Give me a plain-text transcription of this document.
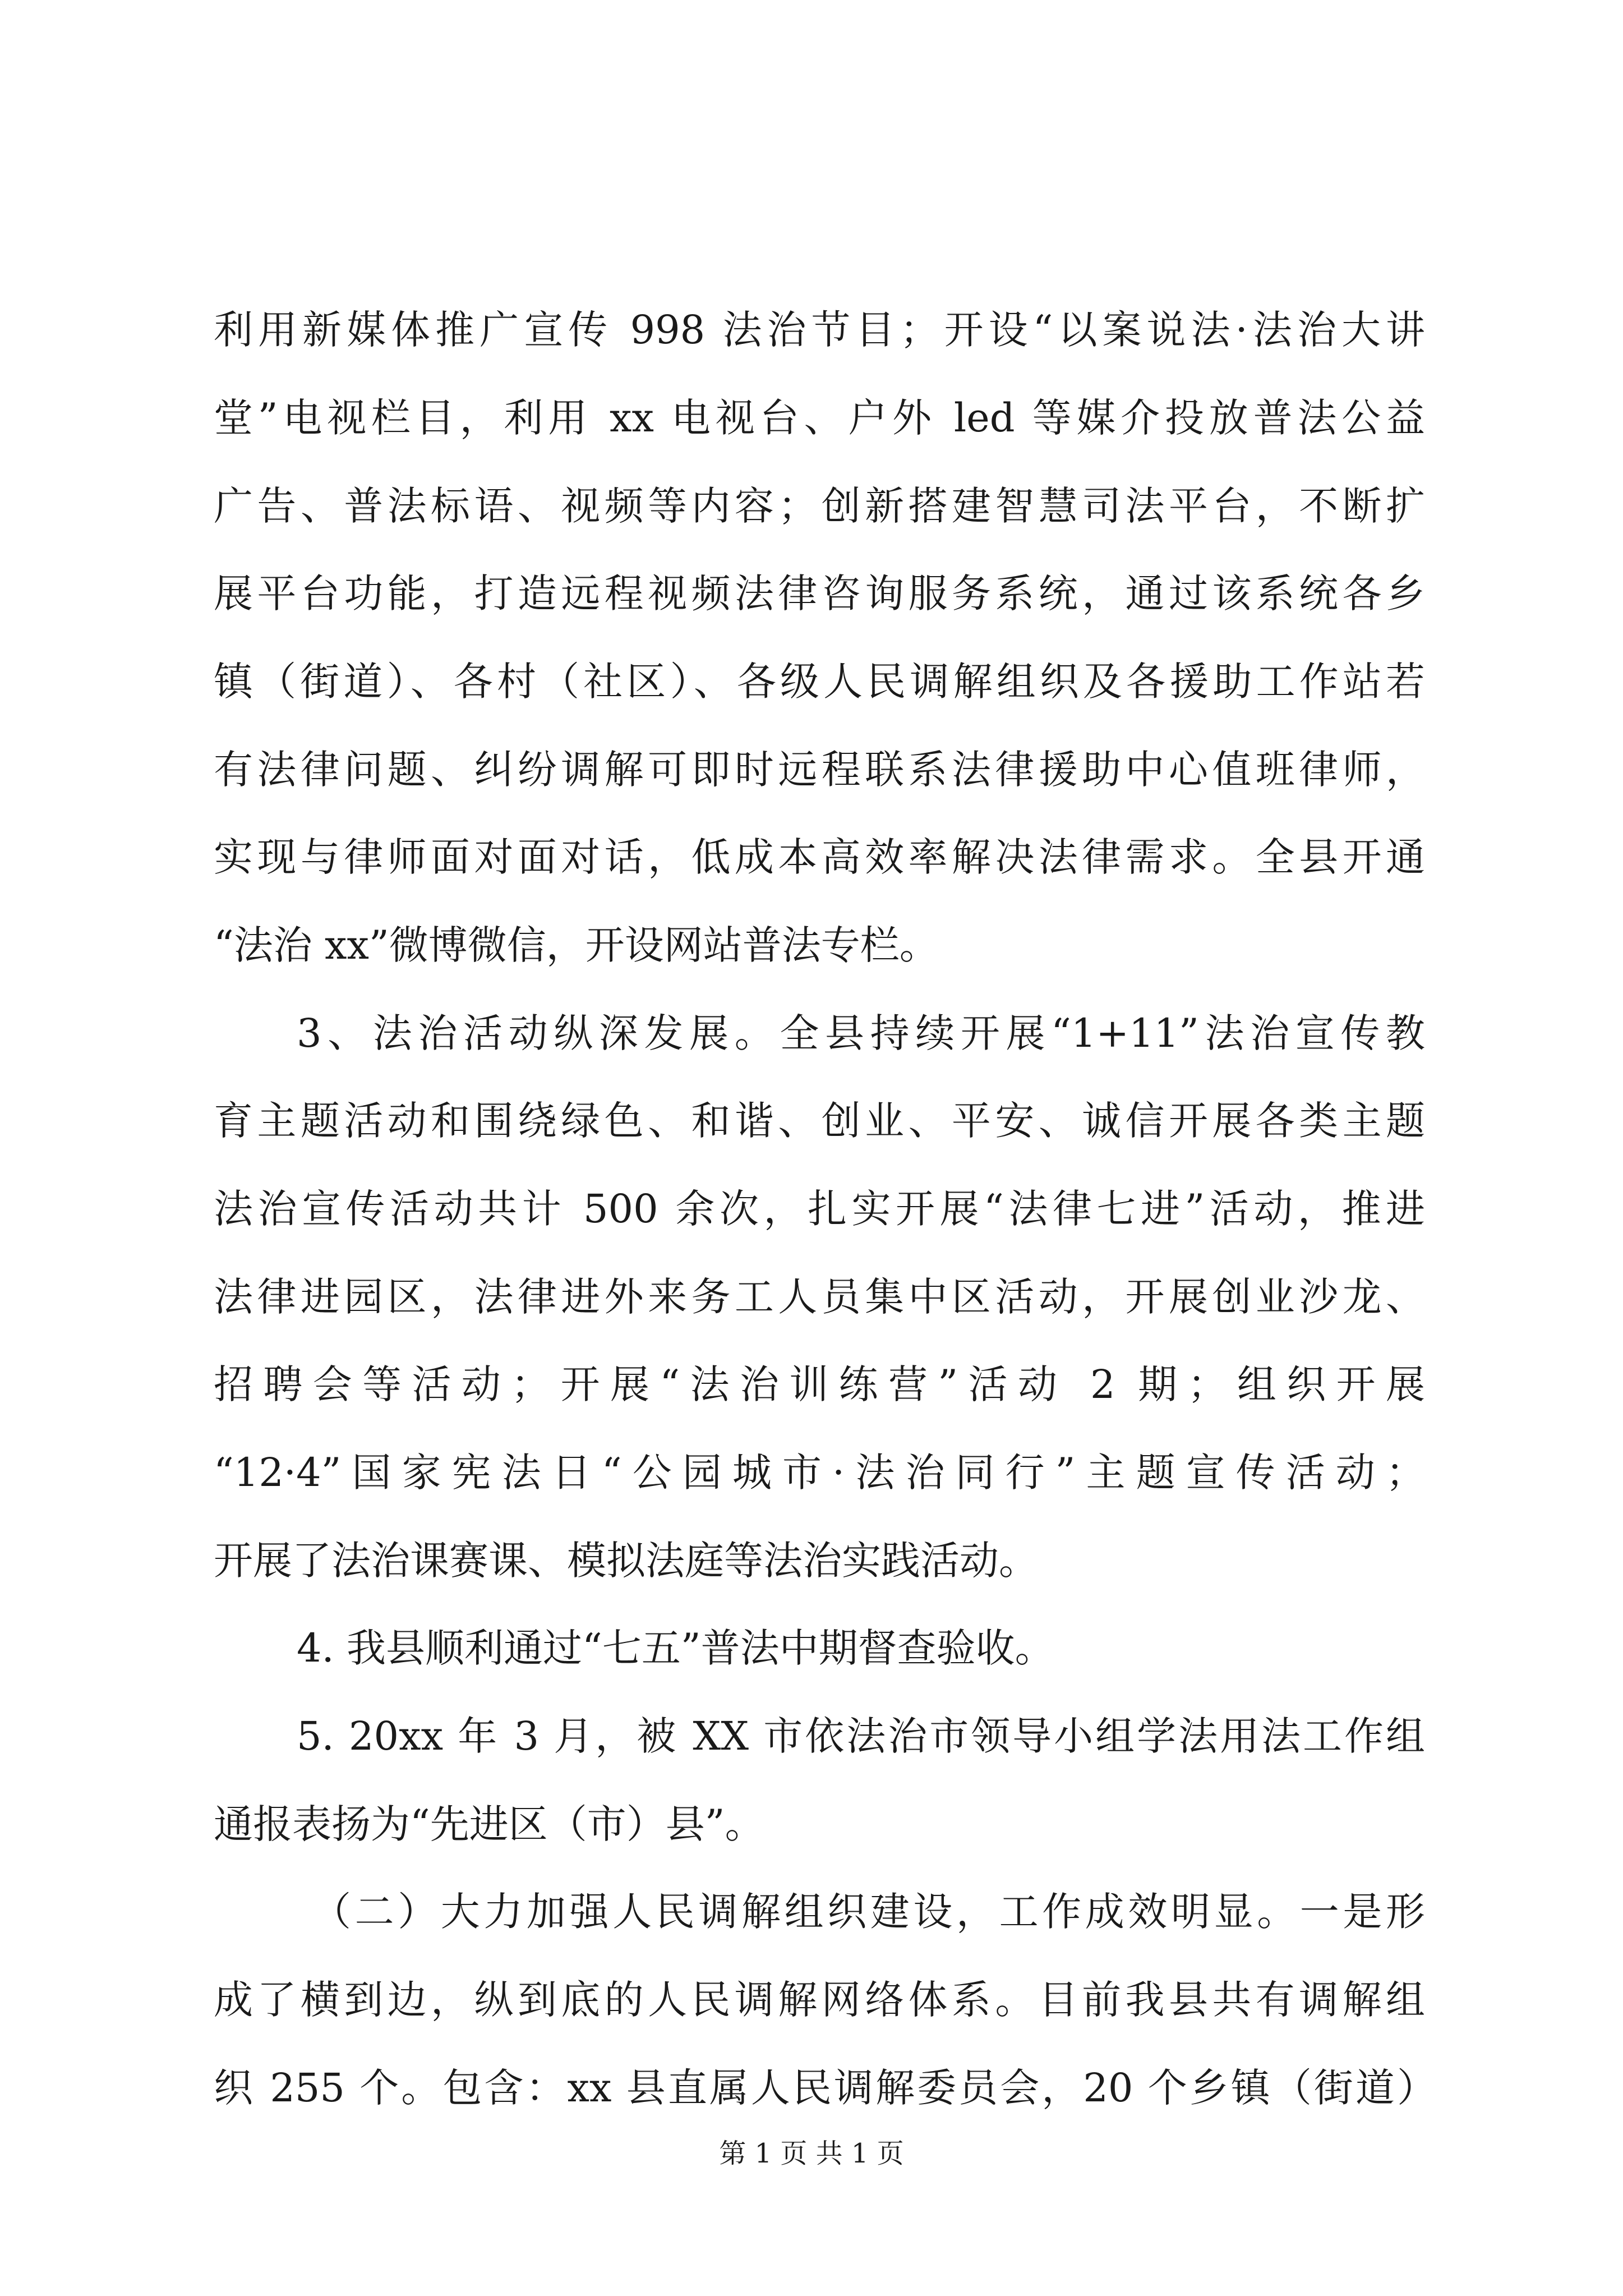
利用新媒体推广宣传 998 法治节目；开设“以案说法·法治大讲
堂”电视栏目，利用 xx 电视台、户外 led 等媒介投放普法公益
广告、普法标语、视频等内容；创新搭建智慧司法平台，不断扩
展平台功能，打造远程视频法律咨询服务系统，通过该系统各乡
镇（街道）、各村（社区）、各级人民调解组织及各援助工作站若
有法律问题、纠纷调解可即时远程联系法律援助中心值班律师，
实现与律师面对面对话，低成本高效率解决法律需求。全县开通
“法治 xx”微博微信，开设网站普法专栏。
3、法治活动纵深发展。全县持续开展“1+11”法治宣传教
育主题活动和围绕绿色、和谐、创业、平安、诚信开展各类主题
法治宣传活动共计 500 余次，扎实开展“法律七进”活动，推进
法律进园区，法律进外来务工人员集中区活动，开展创业沙龙、
招聘会等活动；开展“法治训练营”活动 2 期；组织开展
“12·4”国家宪法日“公园城市·法治同行”主题宣传活动；
开展了法治课赛课、模拟法庭等法治实践活动。
4. 我县顺利通过“七五”普法中期督查验收。
5. 20xx 年 3 月，被 XX 市依法治市领导小组学法用法工作组
通报表扬为“先进区（市）县”。
（二）大力加强人民调解组织建设，工作成效明显。一是形
成了横到边，纵到底的人民调解网络体系。目前我县共有调解组
织 255 个。包含：xx 县直属人民调解委员会，20 个乡镇（街道）
第 1 页 共 1 页
